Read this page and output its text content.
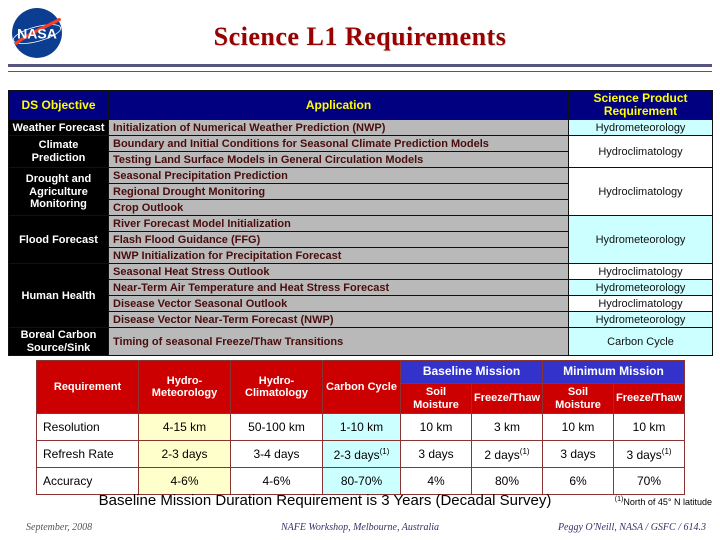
NASA	Science L1 Requirements
DS Objective	Application	Science Product Requirement
Weather Forecast	Initialization of Numerical Weather Prediction (NWP)	Hydrometeorology
Climate Prediction	Boundary and Initial Conditions for Seasonal Climate Prediction Models	Hydroclimatology
	Testing Land Surface Models in General Circulation Models	
Drought and Agriculture Monitoring	Seasonal Precipitation Prediction	Hydroclimatology
	Regional Drought Monitoring	
	Crop Outlook	
Flood Forecast	River Forecast Model Initialization	Hydrometeorology
	Flash Flood Guidance (FFG)	
	NWP Initialization for Precipitation Forecast	
Human Health	Seasonal Heat Stress Outlook	Hydroclimatology
	Near-Term Air Temperature and Heat Stress Forecast	Hydrometeorology
	Disease Vector Seasonal Outlook	Hydroclimatology
	Disease Vector Near-Term Forecast (NWP)	Hydrometeorology
Boreal Carbon Source/Sink	Timing of seasonal Freeze/Thaw Transitions	Carbon Cycle
Requirement	Hydro-Meteorology	Hydro-Climatology	Carbon Cycle	Baseline Mission		Minimum Mission	
				Soil Moisture	Freeze/Thaw	Soil Moisture	Freeze/Thaw
Resolution	4-15 km	50-100 km	1-10 km	10 km	3 km	10 km	10 km
Refresh Rate	2-3 days	3-4 days	2-3 days$^{(1)}$	3 days	2 days$^{(1)}$	3 days	3 days$^{(1)}$
Accuracy	4-6%	4-6%	80-70%	4%	80%	6%	70%
Baseline Mission Duration Requirement is 3 Years (Decadal Survey)	$^{(1)}$North of 45° N latitude
September, 2008	NAFE Workshop, Melbourne, Australia	Peggy O'Neill, NASA / GSFC / 614.3
